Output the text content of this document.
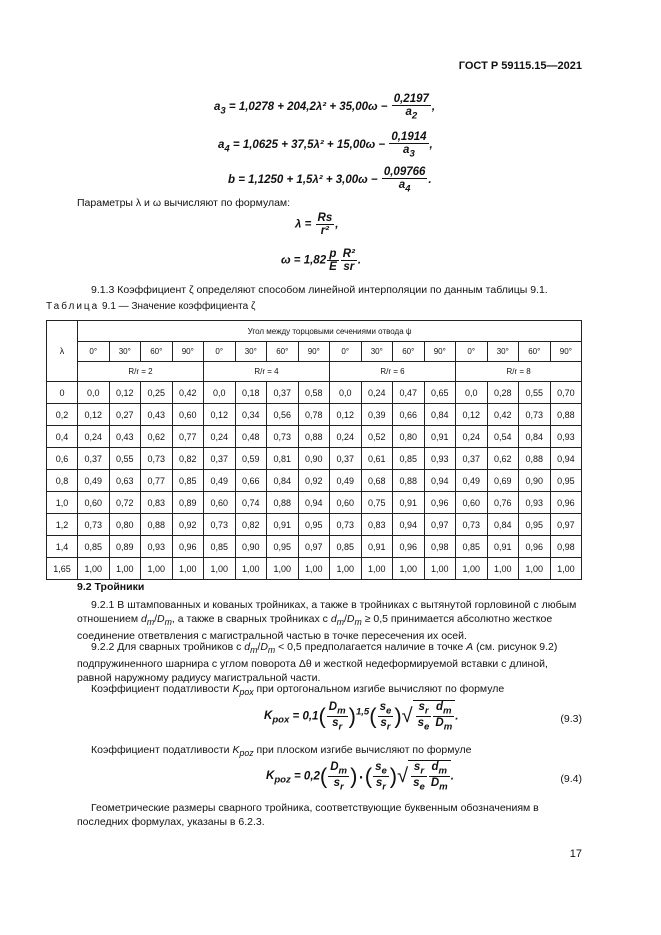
ГОСТ Р 59115.15—2021
$a_3 = 1,0278 + 204,2\lambda^2 + 35,00\omega - \frac{0,2197}{a_2}$ ,
$a_4 = 1,0625 + 37,5\lambda^2 + 15,00\omega - \frac{0,1914}{a_3}$ ,
$b = 1,1250 + 1,5\lambda^2 + 3,00\omega - \frac{0,09766}{a_4}$ .
Параметры λ и ω вычисляют по формулам:
$\lambda = \frac{Rs}{\text{r²}}$ ,
$\omega = 1,82 \frac{p}{E} \frac{\text{R²}}{sr}$ .
9.1.3 Коэффициент ζ определяют способом линейной интерполяции по данным таблицы 9.1.
Таблица 9.1 — Значение коэффициента ζ
λ	Угол между торцовыми сечениями отвода ψ															
	0°	30°	60°	90°	0°	30°	60°	90°	0°	30°	60°	90°	0°	30°	60°	90°
	R/r = 2				R/r = 4				R/r = 6				R/r = 8			
0	0,0	0,12	0,25	0,42	0,0	0,18	0,37	0,58	0,0	0,24	0,47	0,65	0,0	0,28	0,55	0,70
0,2	0,12	0,27	0,43	0,60	0,12	0,34	0,56	0,78	0,12	0,39	0,66	0,84	0,12	0,42	0,73	0,88
0,4	0,24	0,43	0,62	0,77	0,24	0,48	0,73	0,88	0,24	0,52	0,80	0,91	0,24	0,54	0,84	0,93
0,6	0,37	0,55	0,73	0,82	0,37	0,59	0,81	0,90	0,37	0,61	0,85	0,93	0,37	0,62	0,88	0,94
0,8	0,49	0,63	0,77	0,85	0,49	0,66	0,84	0,92	0,49	0,68	0,88	0,94	0,49	0,69	0,90	0,95
1,0	0,60	0,72	0,83	0,89	0,60	0,74	0,88	0,94	0,60	0,75	0,91	0,96	0,60	0,76	0,93	0,96
1,2	0,73	0,80	0,88	0,92	0,73	0,82	0,91	0,95	0,73	0,83	0,94	0,97	0,73	0,84	0,95	0,97
1,4	0,85	0,89	0,93	0,96	0,85	0,90	0,95	0,97	0,85	0,91	0,96	0,98	0,85	0,91	0,96	0,98
1,65	1,00	1,00	1,00	1,00	1,00	1,00	1,00	1,00	1,00	1,00	1,00	1,00	1,00	1,00	1,00	1,00
9.2 Тройники
9.2.1 В штампованных и кованых тройниках, а также в тройниках с вытянутой горловиной с любым отношением $d_m/D_m$, а также в сварных тройниках с $d_m/D_m \ge 0,5$ принимается абсолютно жесткое соединение ответвления с магистральной частью в точке пересечения их осей.
9.2.2 Для сварных тройников с $d_m/D_m < 0,5$ предполагается наличие в точке A (см. рисунок 9.2) подпружиненного шарнира с углом поворота Δθ и жесткой недеформируемой вставки с длиной, равной наружному радиусу магистральной части.
Коэффициент податливости $K_{pox}$ при ортогональном изгибе вычисляют по формуле
$K_{pox} = 0,1( \frac{D_m}{s_r} )^{1,5}( \frac{s_e}{s_r}$ )√ $\frac{s_r}{s_e} \frac{d_m}{D_m}$ .	(9.3)
Коэффициент податливости $K_{poz}$ при плоском изгибе вычисляют по формуле
$K_{poz} = 0,2( \frac{D_m}{s_r}$ )·( $\frac{s_e}{s_r}$ )√ $\frac{s_r}{s_e} \frac{d_m}{D_m}$ .	(9.4)
Геометрические размеры сварного тройника, соответствующие буквенным обозначениям в последних формулах, указаны в 6.2.3.
17
